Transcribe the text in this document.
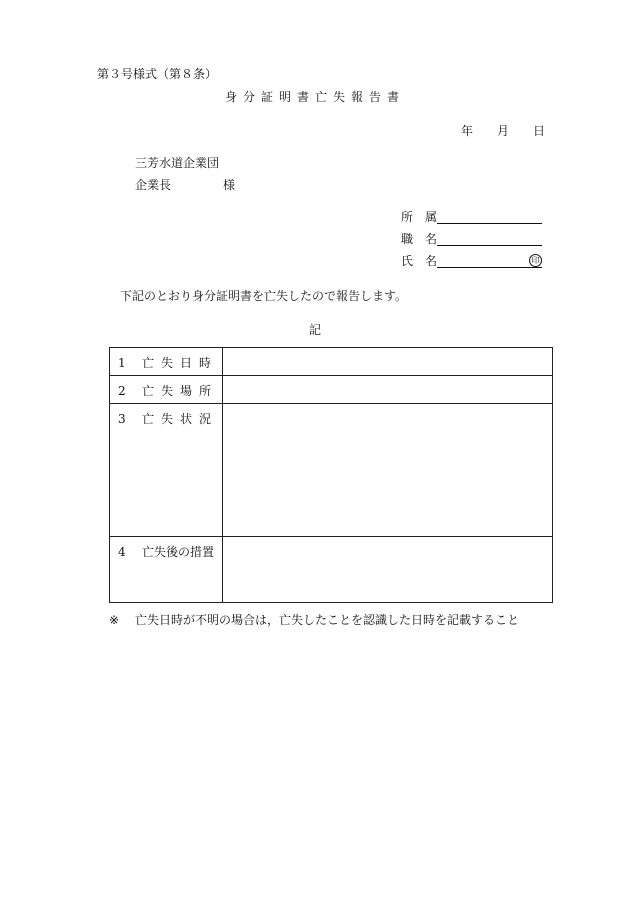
第３号様式（第８条）
身分証明書亡失報告書
年 月 日
三芳水道企業団
企業長	様
所 属
職 名
氏 名	印
下記のとおり身分証明書を亡失したので報告します。
記
1 亡失日時	
2 亡失場所	
3 亡失状況	
4 亡失後の措置	
※ 亡失日時が不明の場合は，亡失したことを認識した日時を記載すること
